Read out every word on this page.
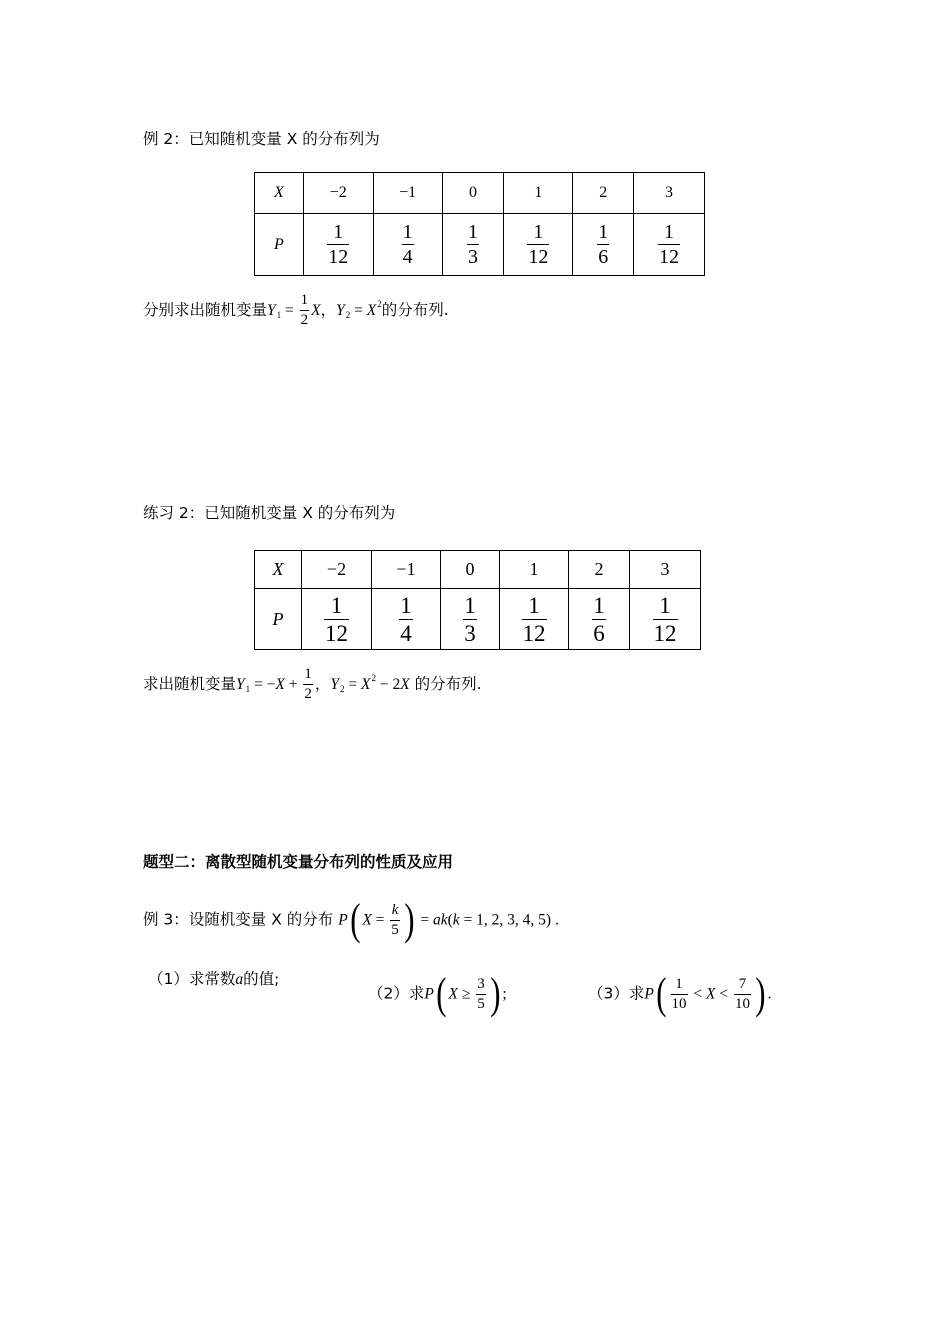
例 2：已知随机变量 X 的分布列为
X	−2	−1	0	1	2	3
P	$\frac{1}{12}$	$\frac{1}{4}$	$\frac{1}{3}$	$\frac{1}{12}$	$\frac{1}{6}$	$\frac{1}{12}$
分别求出随机变量$Y_1 = \frac{1}{2}$ X，$Y_2 = X^2$的分布列.
练习 2：已知随机变量 X 的分布列为
X	−2	−1	0	1	2	3
P	$\frac{1}{12}$	$\frac{1}{4}$	$\frac{1}{3}$	$\frac{1}{12}$	$\frac{1}{6}$	$\frac{1}{12}$
求出随机变量$Y_1 = -X + \frac{1}{2}$ ，$Y_2 = X^2 - 2X$ 的分布列.
题型二：离散型随机变量分布列的性质及应用
例 3：设随机变量 X 的分布 P( $X = \frac{k}{5}$ ) = ak(k = 1, 2, 3, 4, 5) .
（1）求常数a的值;
（2）求P( $X \ge \frac{3}{5}$ ) ;	（3）求$P( \frac{1}{10} < X < \frac{7}{10}$ ) .
